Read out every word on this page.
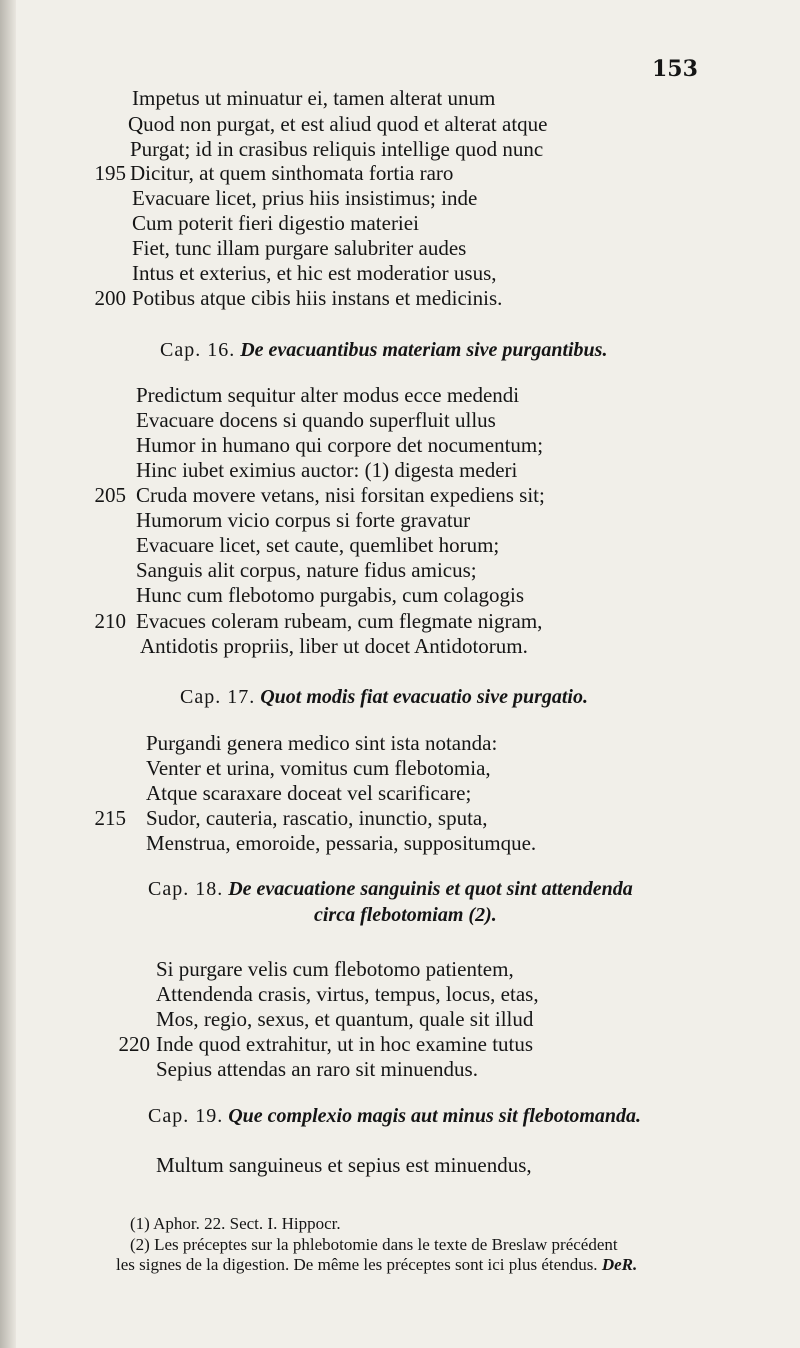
153
Impetus ut minuatur ei, tamen alterat unum
Quod non purgat, et est aliud quod et alterat atque
Purgat; id in crasibus reliquis intellige quod nunc
195 Dicitur, at quem sinthomata fortia raro
Evacuare licet, prius hiis insistimus; inde
Cum poterit fieri digestio materiei
Fiet, tunc illam purgare salubriter audes
Intus et exterius, et hic est moderatior usus,
200 Potibus atque cibis hiis instans et medicinis.
Cap. 16. De evacuantibus materiam sive purgantibus.
Predictum sequitur alter modus ecce medendi
Evacuare docens si quando superfluit ullus
Humor in humano qui corpore det nocumentum;
Hinc iubet eximius auctor: (1) digesta mederi
205 Cruda movere vetans, nisi forsitan expediens sit;
Humorum vicio corpus si forte gravatur
Evacuare licet, set caute, quemlibet horum;
Sanguis alit corpus, nature fidus amicus;
Hunc cum flebotomo purgabis, cum colagogis
210 Evacues coleram rubeam, cum flegmate nigram,
Antidotis propriis, liber ut docet Antidotorum.
Cap. 17. Quot modis fiat evacuatio sive purgatio.
Purgandi genera medico sint ista notanda:
Venter et urina, vomitus cum flebotomia,
Atque scaraxare doceat vel scarificare;
215 Sudor, cauteria, rascatio, inunctio, sputa,
Menstrua, emoroide, pessaria, suppositumque.
Cap. 18. De evacuatione sanguinis et quot sint attendenda
circa flebotomiam (2).
Si purgare velis cum flebotomo patientem,
Attendenda crasis, virtus, tempus, locus, etas,
Mos, regio, sexus, et quantum, quale sit illud
220 Inde quod extrahitur, ut in hoc examine tutus
Sepius attendas an raro sit minuendus.
Cap. 19. Que complexio magis aut minus sit flebotomanda.
Multum sanguineus et sepius est minuendus,
(1) Aphor. 22. Sect. I. Hippocr.
(2) Les préceptes sur la phlebotomie dans le texte de Breslaw précédent
les signes de la digestion. De même les préceptes sont ici plus étendus. DeR.
